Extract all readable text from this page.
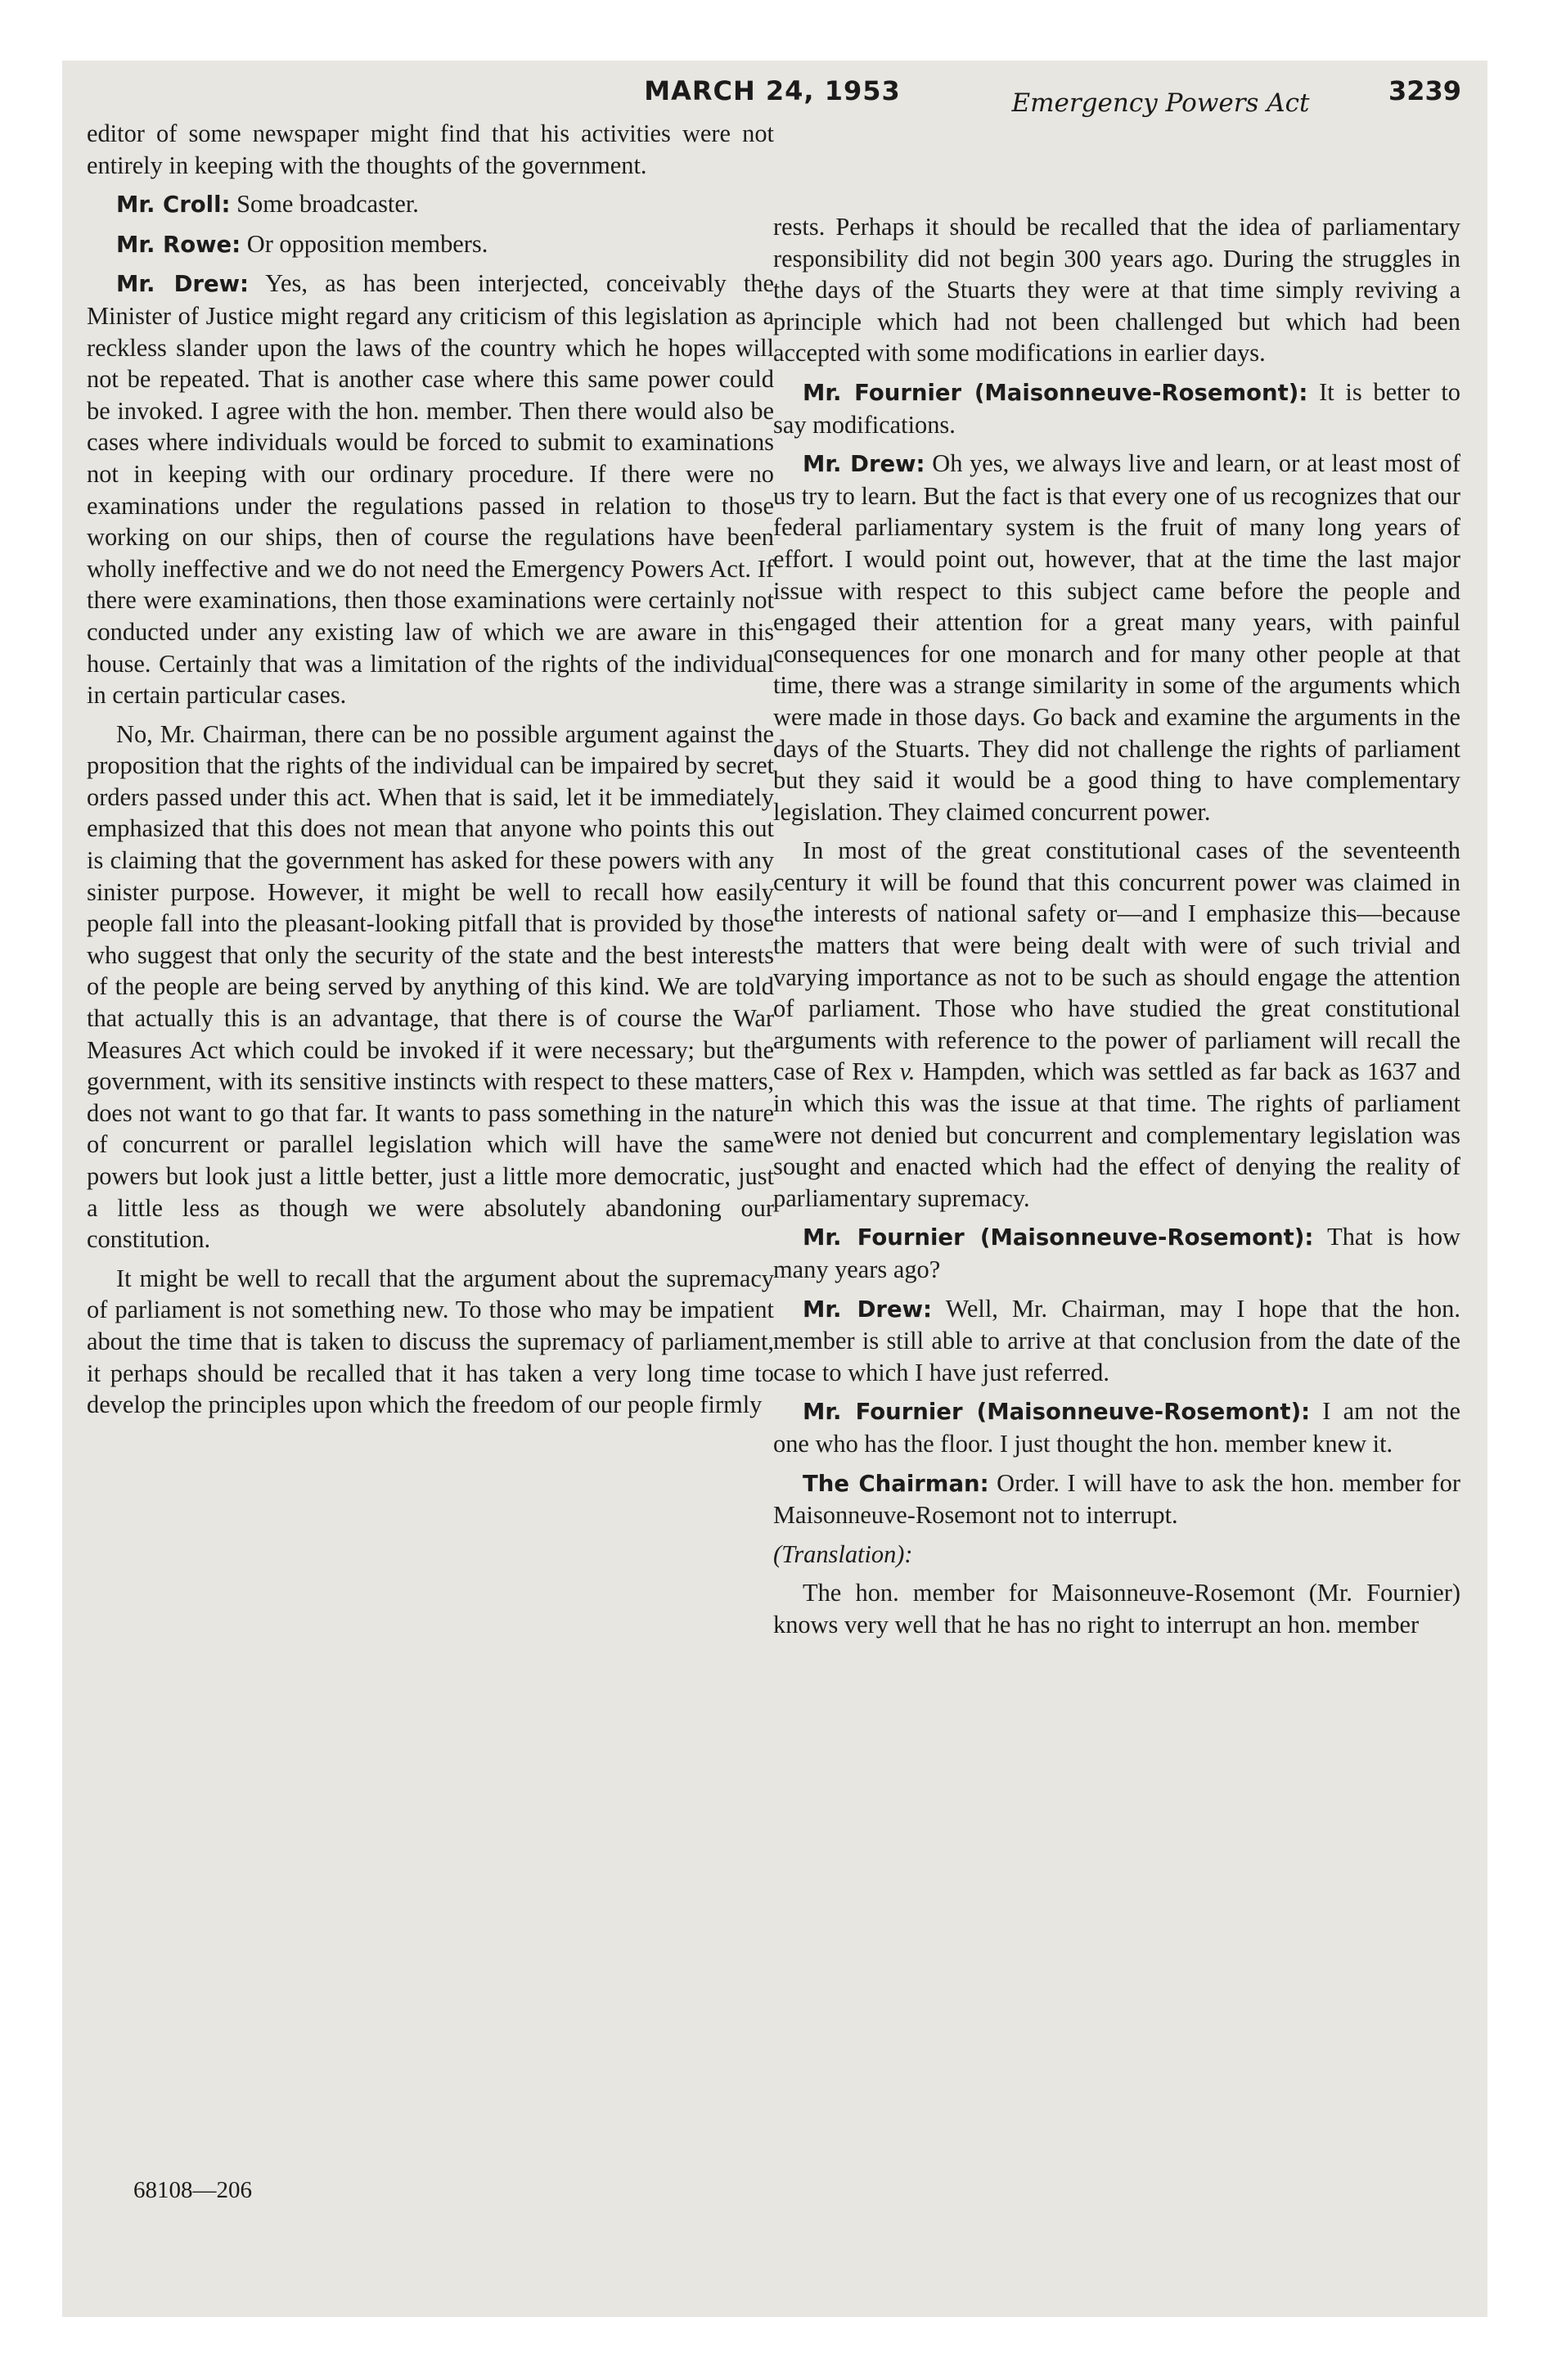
MARCH 24, 1953	3239
Emergency Powers Act

editor of some newspaper might find that his activities were not entirely in keeping with the thoughts of the government.

Mr. Croll: Some broadcaster.

Mr. Rowe: Or opposition members.

Mr. Drew: Yes, as has been interjected, conceivably the Minister of Justice might regard any criticism of this legislation as a reckless slander upon the laws of the country which he hopes will not be repeated. That is another case where this same power could be invoked. I agree with the hon. member. Then there would also be cases where individuals would be forced to submit to examinations not in keeping with our ordinary procedure. If there were no examinations under the regulations passed in relation to those working on our ships, then of course the regulations have been wholly ineffective and we do not need the Emergency Powers Act. If there were examinations, then those examinations were certainly not conducted under any existing law of which we are aware in this house. Certainly that was a limitation of the rights of the individual in certain particular cases.

No, Mr. Chairman, there can be no possible argument against the proposition that the rights of the individual can be impaired by secret orders passed under this act. When that is said, let it be immediately emphasized that this does not mean that anyone who points this out is claiming that the government has asked for these powers with any sinister purpose. However, it might be well to recall how easily people fall into the pleasant-looking pitfall that is provided by those who suggest that only the security of the state and the best interests of the people are being served by anything of this kind. We are told that actually this is an advantage, that there is of course the War Measures Act which could be invoked if it were necessary; but the government, with its sensitive instincts with respect to these matters, does not want to go that far. It wants to pass something in the nature of concurrent or parallel legislation which will have the same powers but look just a little better, just a little more democratic, just a little less as though we were absolutely abandoning our constitution.

It might be well to recall that the argument about the supremacy of parliament is not something new. To those who may be impatient about the time that is taken to discuss the supremacy of parliament, it perhaps should be recalled that it has taken a very long time to develop the principles upon which the freedom of our people firmly

rests. Perhaps it should be recalled that the idea of parliamentary responsibility did not begin 300 years ago. During the struggles in the days of the Stuarts they were at that time simply reviving a principle which had not been challenged but which had been accepted with some modifications in earlier days.

Mr. Fournier (Maisonneuve-Rosemont): It is better to say modifications.

Mr. Drew: Oh yes, we always live and learn, or at least most of us try to learn. But the fact is that every one of us recognizes that our federal parliamentary system is the fruit of many long years of effort. I would point out, however, that at the time the last major issue with respect to this subject came before the people and engaged their attention for a great many years, with painful consequences for one monarch and for many other people at that time, there was a strange similarity in some of the arguments which were made in those days. Go back and examine the arguments in the days of the Stuarts. They did not challenge the rights of parliament but they said it would be a good thing to have complementary legislation. They claimed concurrent power.

In most of the great constitutional cases of the seventeenth century it will be found that this concurrent power was claimed in the interests of national safety or—and I emphasize this—because the matters that were being dealt with were of such trivial and varying importance as not to be such as should engage the attention of parliament. Those who have studied the great constitutional arguments with reference to the power of parliament will recall the case of Rex v. Hampden, which was settled as far back as 1637 and in which this was the issue at that time. The rights of parliament were not denied but concurrent and complementary legislation was sought and enacted which had the effect of denying the reality of parliamentary supremacy.

Mr. Fournier (Maisonneuve-Rosemont): That is how many years ago?

Mr. Drew: Well, Mr. Chairman, may I hope that the hon. member is still able to arrive at that conclusion from the date of the case to which I have just referred.

Mr. Fournier (Maisonneuve-Rosemont): I am not the one who has the floor. I just thought the hon. member knew it.

The Chairman: Order. I will have to ask the hon. member for Maisonneuve-Rosemont not to interrupt.

(Translation):

The hon. member for Maisonneuve-Rosemont (Mr. Fournier) knows very well that he has no right to interrupt an hon. member

68108—206
